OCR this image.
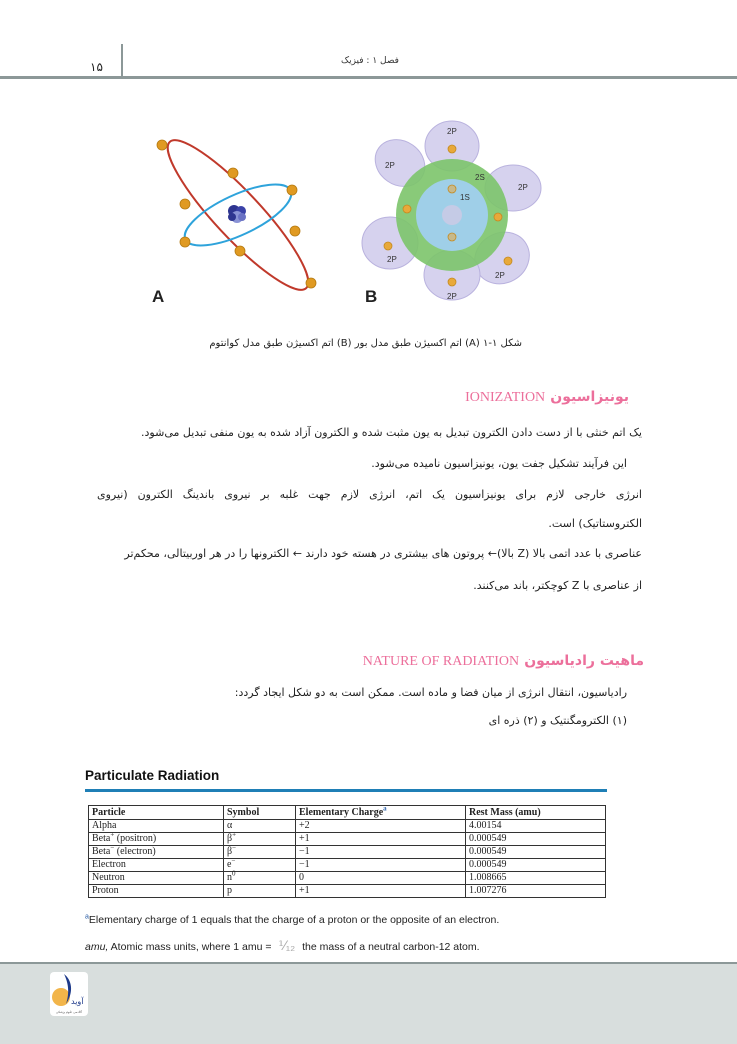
۱۵	فصل ۱ : فیزیک
A
2P
2P
2P
2P
2P
2P
2S
1S
B
شکل ۱-۱ (A) اتم اکسیژن طبق مدل بور (B) اتم اکسیژن طبق مدل کوانتوم
یونیزاسیون IONIZATION
یک اتم خنثی با از دست دادن الکترون تبدیل به یون مثبت شده و الکترون آزاد شده به یون منفی تبدیل می‌شود.
این فرآیند تشکیل جفت یون، یونیزاسیون نامیده می‌شود.
انرژی خارجی لازم برای یونیزاسیون یک اتم، انرژی لازم جهت غلبه بر نیروی باندینگ الکترون (نیروی
الکتروستاتیک) است.
عناصری با عدد اتمی بالا (Z بالا)← پروتون های بیشتری در هسته خود دارند ← الکترونها را در هر اوربیتالی، محکم‌تر
از عناصری با Z کوچکتر، باند می‌کنند.
ماهیت رادیاسیون NATURE OF RADIATION
رادیاسیون، انتقال انرژی از میان فضا و ماده است. ممکن است به دو شکل ایجاد گردد:
(۱) الکترومگنتیک و (۲) ذره ای
Particulate Radiation
Particle	Symbol	Elementary Charge$^a$	Rest Mass (amu)
Alpha	α	+2	4.00154
Beta+ (positron)	β+	+1	0.000549
Beta− (electron)	β−	−1	0.000549
Electron	e−	−1	0.000549
Neutron	$n^0$	0	1.008665
Proton	p	+1	1.007276
$^a$Elementary charge of 1 equals that the charge of a proton or the opposite of an electron.
amu, Atomic mass units, where 1 amu = ⅟₁₂ the mass of a neutral carbon-12 atom.
آوید
آکادمی علوم پزشکی
